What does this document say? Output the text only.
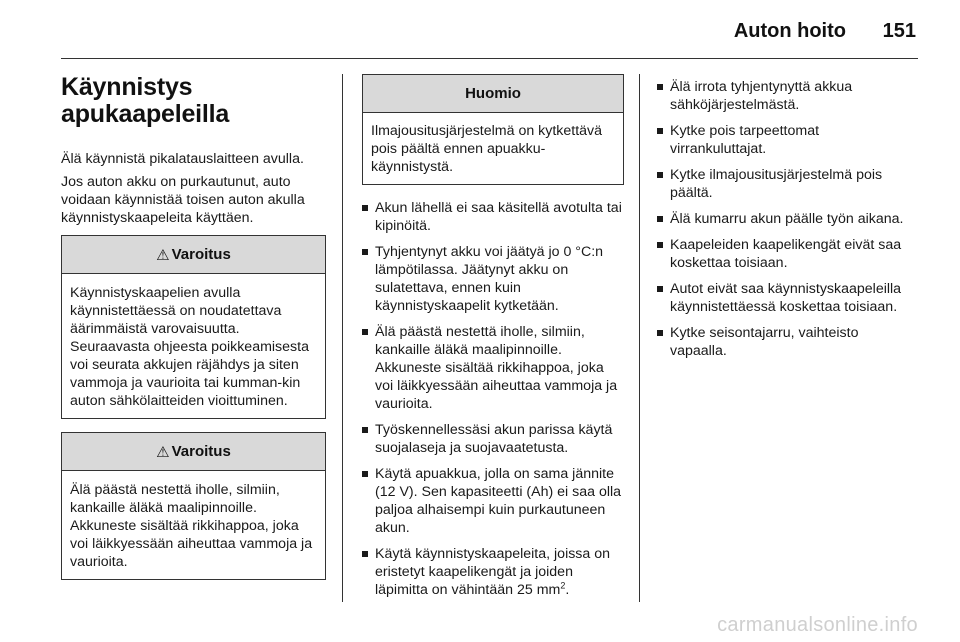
Auton hoito	151
Käynnistys
apukaapeleilla

Älä käynnistä pikalatauslaitteen avulla.

Jos auton akku on purkautunut, auto voidaan käynnistää toisen auton akulla käynnistyskaapeleita käyttäen.

⚠ Varoitus
Käynnistyskaapelien avulla käynnistettäessä on noudatettava äärimmäistä varovaisuutta. Seuraavasta ohjeesta poikkeamisesta voi seurata akkujen räjähdys ja siten vammoja ja vaurioita tai kumman-kin auton sähkölaitteiden vioittuminen.
⚠ Varoitus
Älä päästä nestettä iholle, silmiin, kankaille äläkä maalipinnoille. Akkuneste sisältää rikkihappoa, joka voi läikkyessään aiheuttaa vammoja ja vaurioita.
Huomio
Ilmajousitusjärjestelmä on kytkettävä pois päältä ennen apuakku-käynnistystä.
Akun lähellä ei saa käsitellä avotulta tai kipinöitä.
Tyhjentynyt akku voi jäätyä jo 0 °C:n lämpötilassa. Jäätynyt akku on sulatettava, ennen kuin käynnistyskaapelit kytketään.
Älä päästä nestettä iholle, silmiin, kankaille äläkä maalipinnoille. Akkuneste sisältää rikkihappoa, joka voi läikkyessään aiheuttaa vammoja ja vaurioita.
Työskennellessäsi akun parissa käytä suojalaseja ja suojavaatetusta.
Käytä apuakkua, jolla on sama jännite (12 V). Sen kapasiteetti (Ah) ei saa olla paljoa alhaisempi kuin purkautuneen akun.
Käytä käynnistyskaapeleita, joissa on eristetyt kaapelikengät ja joiden läpimitta on vähintään 25 $mm^2$.
Älä irrota tyhjentynyttä akkua sähköjärjestelmästä.
Kytke pois tarpeettomat virrankuluttajat.
Kytke ilmajousitusjärjestelmä pois päältä.
Älä kumarru akun päälle työn aikana.
Kaapeleiden kaapelikengät eivät saa koskettaa toisiaan.
Autot eivät saa käynnistyskaapeleilla käynnistettäessä koskettaa toisiaan.
Kytke seisontajarru, vaihteisto vapaalla.
carmanualsonline.info
